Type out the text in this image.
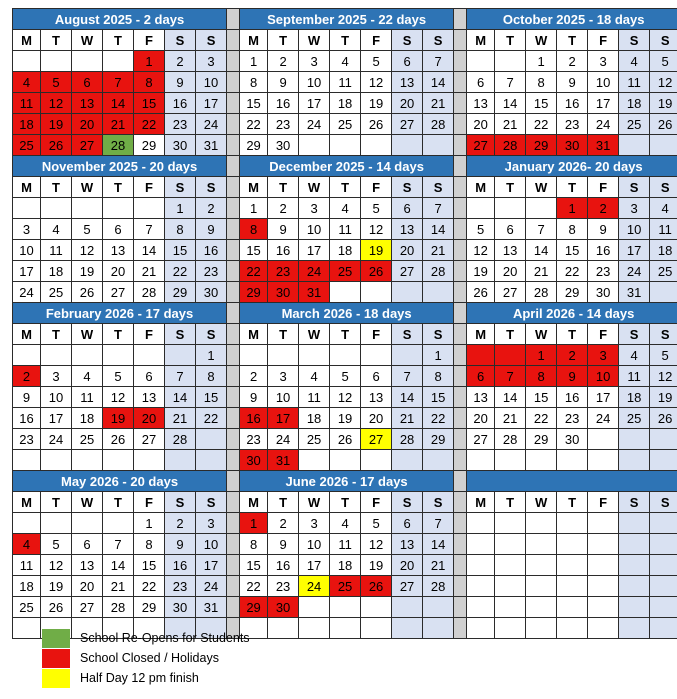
August 2025 - 2 days								September 2025 - 22 days								October 2025 - 18 days						
M	T	W	T	F	S	S		M	T	W	T	F	S	S		M	T	W	T	F	S	S
				1	2	3		1	2	3	4	5	6	7				1	2	3	4	5
4	5	6	7	8	9	10		8	9	10	11	12	13	14		6	7	8	9	10	11	12
11	12	13	14	15	16	17		15	16	17	18	19	20	21		13	14	15	16	17	18	19
18	19	20	21	22	23	24		22	23	24	25	26	27	28		20	21	22	23	24	25	26
25	26	27	28	29	30	31		29	30							27	28	29	30	31		
November 2025 - 20 days								December 2025 - 14 days								January 2026- 20 days						
M	T	W	T	F	S	S		M	T	W	T	F	S	S		M	T	W	T	F	S	S
					1	2		1	2	3	4	5	6	7					1	2	3	4
3	4	5	6	7	8	9		8	9	10	11	12	13	14		5	6	7	8	9	10	11
10	11	12	13	14	15	16		15	16	17	18	19	20	21		12	13	14	15	16	17	18
17	18	19	20	21	22	23		22	23	24	25	26	27	28		19	20	21	22	23	24	25
24	25	26	27	28	29	30		29	30	31						26	27	28	29	30	31	
February 2026 - 17 days								March 2026 - 18 days								April 2026 - 14 days						
M	T	W	T	F	S	S		M	T	W	T	F	S	S		M	T	W	T	F	S	S
						1								1				1	2	3	4	5
2	3	4	5	6	7	8		2	3	4	5	6	7	8		6	7	8	9	10	11	12
9	10	11	12	13	14	15		9	10	11	12	13	14	15		13	14	15	16	17	18	19
16	17	18	19	20	21	22		16	17	18	19	20	21	22		20	21	22	23	24	25	26
23	24	25	26	27	28			23	24	25	26	27	28	29		27	28	29	30			
								30	31													
May 2026 - 20 days								June 2026 - 17 days														
M	T	W	T	F	S	S		M	T	W	T	F	S	S		M	T	W	T	F	S	S
				1	2	3		1	2	3	4	5	6	7								
4	5	6	7	8	9	10		8	9	10	11	12	13	14								
11	12	13	14	15	16	17		15	16	17	18	19	20	21								
18	19	20	21	22	23	24		22	23	24	25	26	27	28								
25	26	27	28	29	30	31		29	30													

School Re-Opens for Students
School Closed / Holidays
Half Day 12 pm finish
